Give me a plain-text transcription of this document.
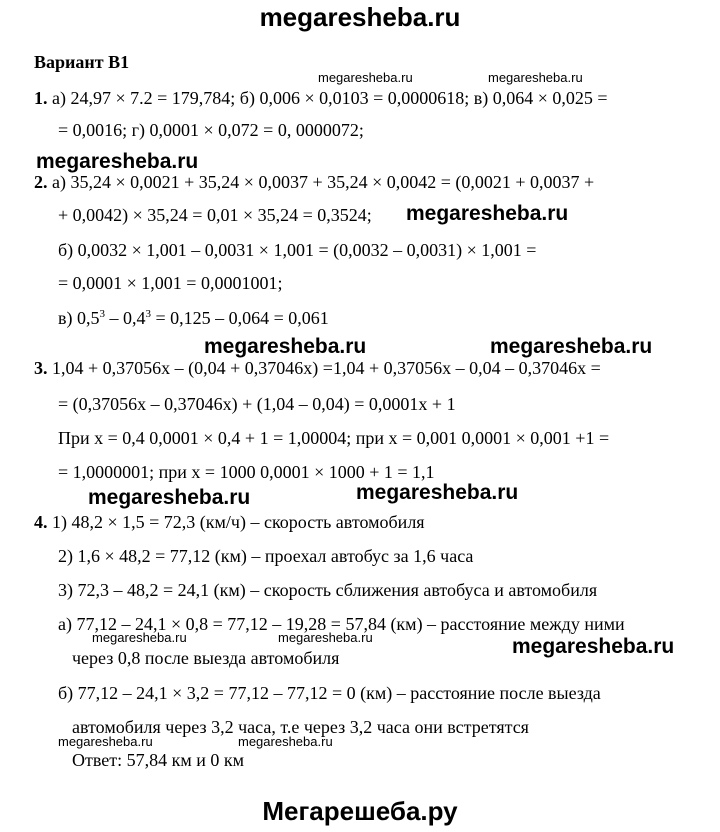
megaresheba.ru
Вариант В1
megaresheba.ru	megaresheba.ru
1. а) 24,97 × 7.2 = 179,784; б) 0,006 × 0,0103 = 0,0000618; в) 0,064 × 0,025 =
= 0,0016; г) 0,0001 × 0,072 = 0, 0000072;
megaresheba.ru
2. а) 35,24 × 0,0021 + 35,24 × 0,0037 + 35,24 × 0,0042 = (0,0021 + 0,0037 +
+ 0,0042) × 35,24 = 0,01 × 35,24 = 0,3524; megaresheba.ru
б) 0,0032 × 1,001 – 0,0031 × 1,001 = (0,0032 – 0,0031) × 1,001 =
= 0,0001 × 1,001 = 0,0001001;
в) $0,5^3 - 0,4^3 = 0,125 - 0,064 = 0,061$
megaresheba.ru	megaresheba.ru
3. 1,04 + 0,37056x – (0,04 + 0,37046x) =1,04 + 0,37056x – 0,04 – 0,37046x =
= (0,37056x – 0,37046x) + (1,04 – 0,04) = 0,0001x + 1
При x = 0,4 0,0001 × 0,4 + 1 = 1,00004; при x = 0,001 0,0001 × 0,001 +1 =
= 1,0000001; при x = 1000 0,0001 × 1000 + 1 = 1,1
megaresheba.ru	megaresheba.ru
4. 1) 48,2 × 1,5 = 72,3 (км/ч) – скорость автомобиля
2) 1,6 × 48,2 = 77,12 (км) – проехал автобус за 1,6 часа
3) 72,3 – 48,2 = 24,1 (км) – скорость сближения автобуса и автомобиля
а) 77,12 – 24,1 × 0,8 = 77,12 – 19,28 = 57,84 (км) – расстояние между ними
megaresheba.ru	megaresheba.ru	megaresheba.ru
через 0,8 после выезда автомобиля
б) 77,12 – 24,1 × 3,2 = 77,12 – 77,12 = 0 (км) – расстояние после выезда
автомобиля через 3,2 часа, т.е через 3,2 часа они встретятся
megaresheba.ru	megaresheba.ru
Ответ: 57,84 км и 0 км
Мегарешеба.ру
